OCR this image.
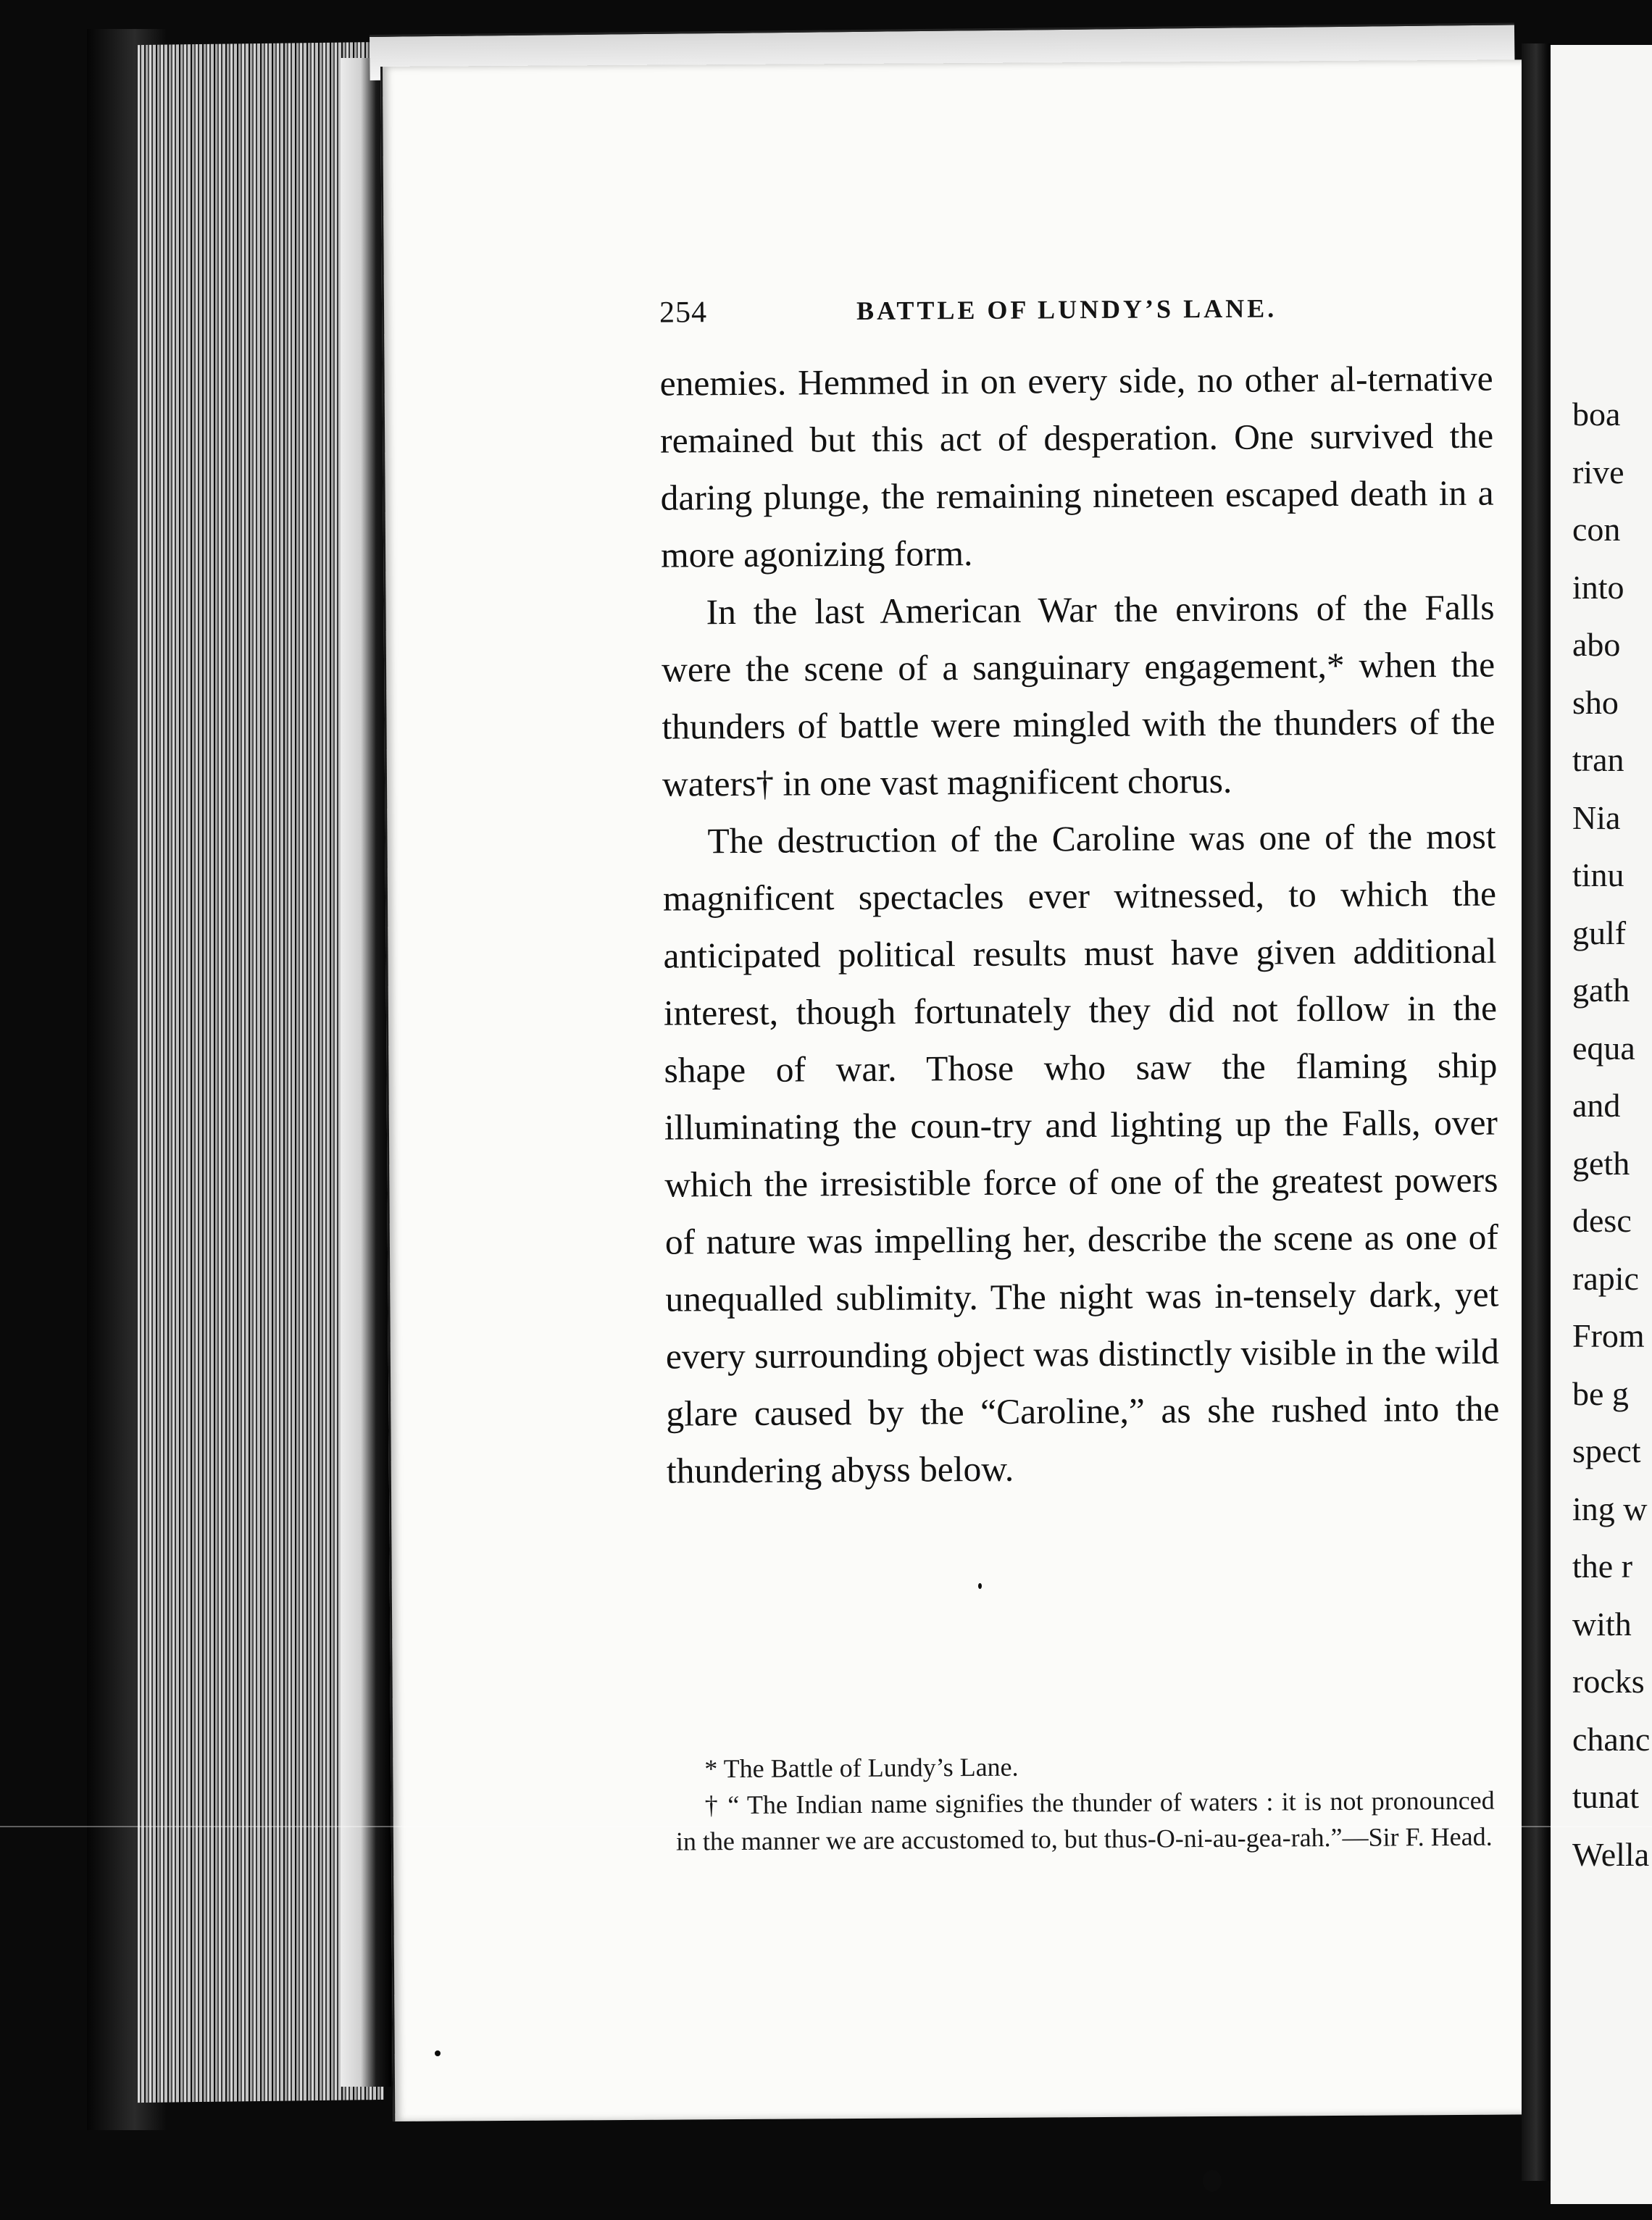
254	BATTLE OF LUNDY’S LANE.

enemies. Hemmed in on every side, no other al-ternative remained but this act of desperation. One survived the daring plunge, the remaining nineteen escaped death in a more agonizing form.

In the last American War the environs of the Falls were the scene of a sanguinary engagement,* when the thunders of battle were mingled with the thunders of the waters† in one vast magnificent chorus.

The destruction of the Caroline was one of the most magnificent spectacles ever witnessed, to which the anticipated political results must have given additional interest, though fortunately they did not follow in the shape of war. Those who saw the flaming ship illuminating the coun-try and lighting up the Falls, over which the irresistible force of one of the greatest powers of nature was impelling her, describe the scene as one of unequalled sublimity. The night was in-tensely dark, yet every surrounding object was distinctly visible in the wild glare caused by the “Caroline,” as she rushed into the thundering abyss below.

* The Battle of Lundy’s Lane.

† “ The Indian name signifies the thunder of waters : it is not pronounced in the manner we are accustomed to, but thus-O-ni-au-gea-rah.”—Sir F. Head.

boa
rive
con
into
abo
sho
tran
Nia
tinu
gulf
gath
equa
and
geth
desc
rapic
From
be g
spect
ing w
the r
with
rocks
chanc
tunat
Wella
